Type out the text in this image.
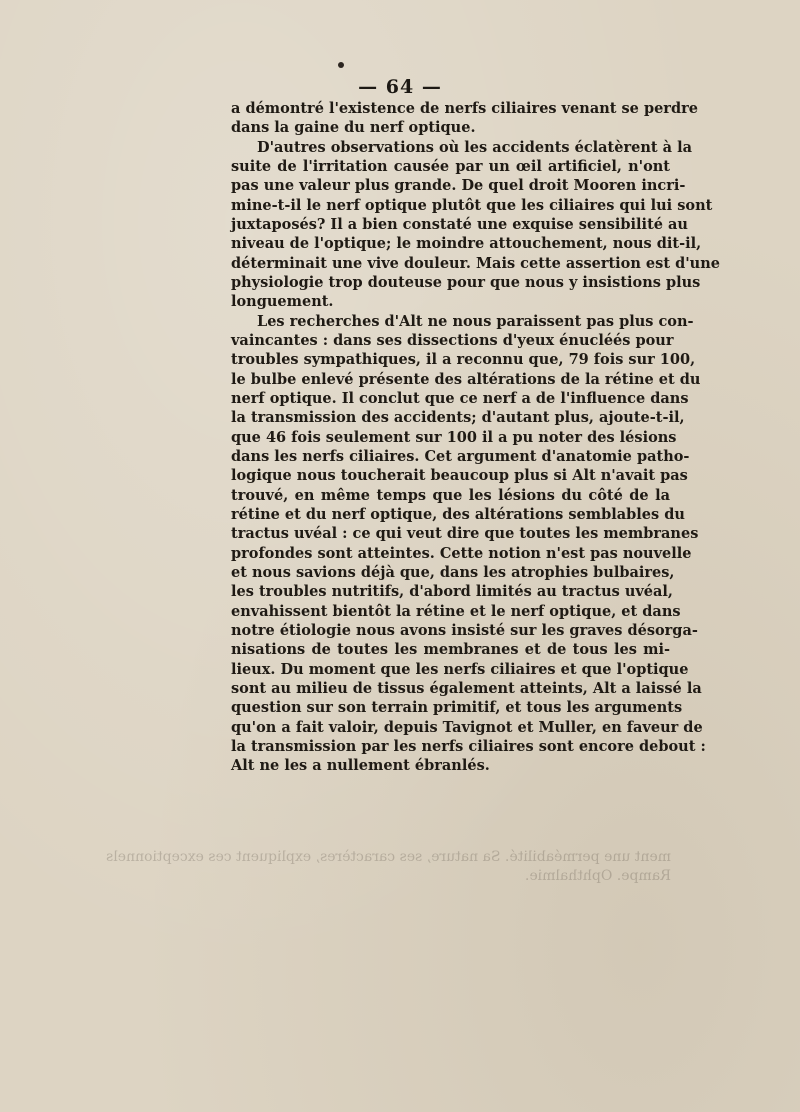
— 64 —
a démontré l'existence de nerfs ciliaires venant se perdre
dans la gaine du nerf optique.
D'autres observations où les accidents éclatèrent à la
suite de l'irritation causée par un œil artificiel, n'ont
pas une valeur plus grande. De quel droit Mooren incri-
mine-t-il le nerf optique plutôt que les ciliaires qui lui sont
juxtaposés? Il a bien constaté une exquise sensibilité au
niveau de l'optique; le moindre attouchement, nous dit-il,
déterminait une vive douleur. Mais cette assertion est d'une
physiologie trop douteuse pour que nous y insistions plus
longuement.
Les recherches d'Alt ne nous paraissent pas plus con-
vaincantes : dans ses dissections d'yeux énucléés pour
troubles sympathiques, il a reconnu que, 79 fois sur 100,
le bulbe enlevé présente des altérations de la rétine et du
nerf optique. Il conclut que ce nerf a de l'influence dans
la transmission des accidents; d'autant plus, ajoute-t-il,
que 46 fois seulement sur 100 il a pu noter des lésions
dans les nerfs ciliaires. Cet argument d'anatomie patho-
logique nous toucherait beaucoup plus si Alt n'avait pas
trouvé, en même temps que les lésions du côté de la
rétine et du nerf optique, des altérations semblables du
tractus uvéal : ce qui veut dire que toutes les membranes
profondes sont atteintes. Cette notion n'est pas nouvelle
et nous savions déjà que, dans les atrophies bulbaires,
les troubles nutritifs, d'abord limités au tractus uvéal,
envahissent bientôt la rétine et le nerf optique, et dans
notre étiologie nous avons insisté sur les graves désorga-
nisations de toutes les membranes et de tous les mi-
lieux. Du moment que les nerfs ciliaires et que l'optique
sont au milieu de tissus également atteints, Alt a laissé la
question sur son terrain primitif, et tous les arguments
qu'on a fait valoir, depuis Tavignot et Muller, en faveur de
la transmission par les nerfs ciliaires sont encore debout :
Alt ne les a nullement ébranlés.
ment une perméabilité. Sa nature, ses caractères, expliquent ces exceptionnels
Rampe. Ophthalmie.
